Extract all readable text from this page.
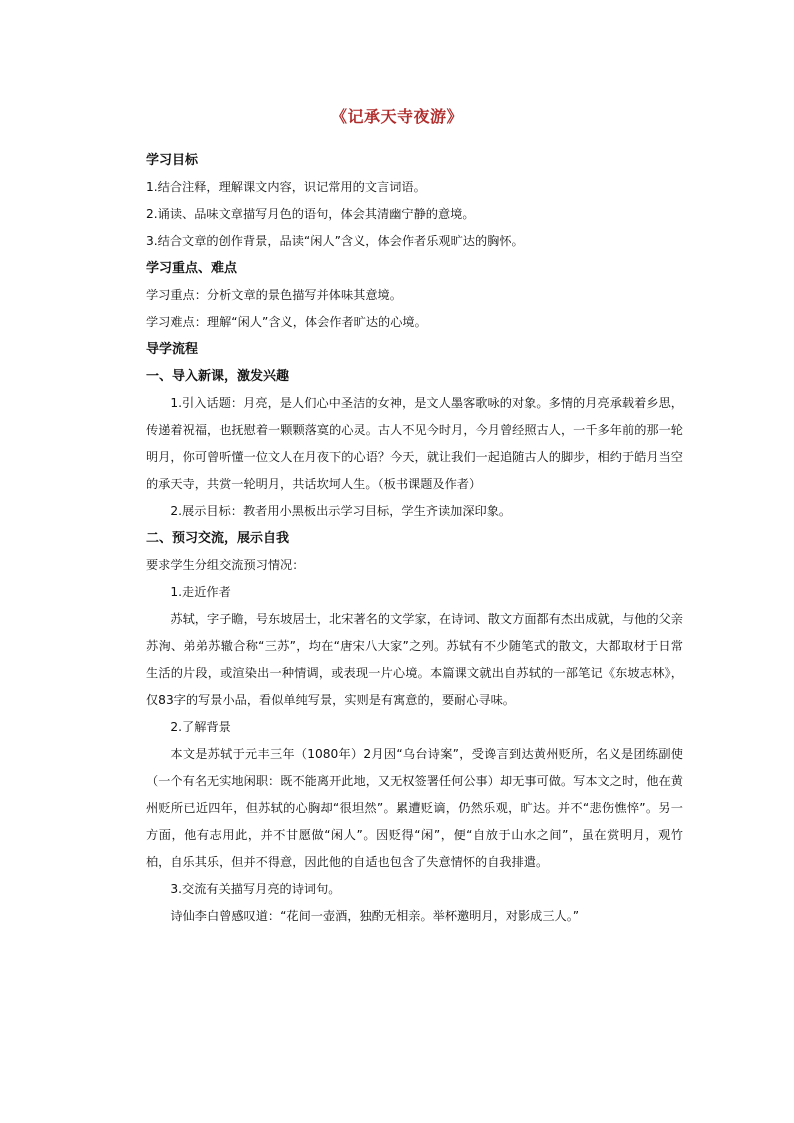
《记承天寺夜游》
学习目标
1.结合注释，理解课文内容，识记常用的文言词语。
2.诵读、品味文章描写月色的语句，体会其清幽宁静的意境。
3.结合文章的创作背景，品读“闲人”含义，体会作者乐观旷达的胸怀。
学习重点、难点
学习重点：分析文章的景色描写并体味其意境。
学习难点：理解“闲人”含义，体会作者旷达的心境。
导学流程
一、导入新课，激发兴趣

1.引入话题：月亮，是人们心中圣洁的女神，是文人墨客歌咏的对象。多情的月亮承载着乡思，传递着祝福，也抚慰着一颗颗落寞的心灵。古人不见今时月，今月曾经照古人，一千多年前的那一轮明月，你可曾听懂一位文人在月夜下的心语？今天，就让我们一起追随古人的脚步，相约于皓月当空的承天寺，共赏一轮明月，共话坎坷人生。（板书课题及作者）

2.展示目标：教者用小黑板出示学习目标，学生齐读加深印象。

二、预习交流，展示自我
要求学生分组交流预习情况：
1.走近作者

苏轼，字子瞻，号东坡居士，北宋著名的文学家，在诗词、散文方面都有杰出成就，与他的父亲苏洵、弟弟苏辙合称“三苏”，均在“唐宋八大家”之列。苏轼有不少随笔式的散文，大都取材于日常生活的片段，或渲染出一种情调，或表现一片心境。本篇课文就出自苏轼的一部笔记《东坡志林》，仅83字的写景小品，看似单纯写景，实则是有寓意的，要耐心寻味。

2.了解背景

本文是苏轼于元丰三年（1080年）2月因“乌台诗案”，受谗言到达黄州贬所，名义是团练副使（一个有名无实地闲职：既不能离开此地，又无权签署任何公事）却无事可做。写本文之时，他在黄州贬所已近四年，但苏轼的心胸却“很坦然”。累遭贬谪，仍然乐观，旷达。并不“悲伤憔悴”。另一方面，他有志用此，并不甘愿做“闲人”。因贬得“闲”，便“自放于山水之间”，虽在赏明月，观竹柏，自乐其乐，但并不得意，因此他的自适也包含了失意情怀的自我排遣。

3.交流有关描写月亮的诗词句。

诗仙李白曾感叹道：“花间一壶酒，独酌无相亲。举杯邀明月，对影成三人。”
